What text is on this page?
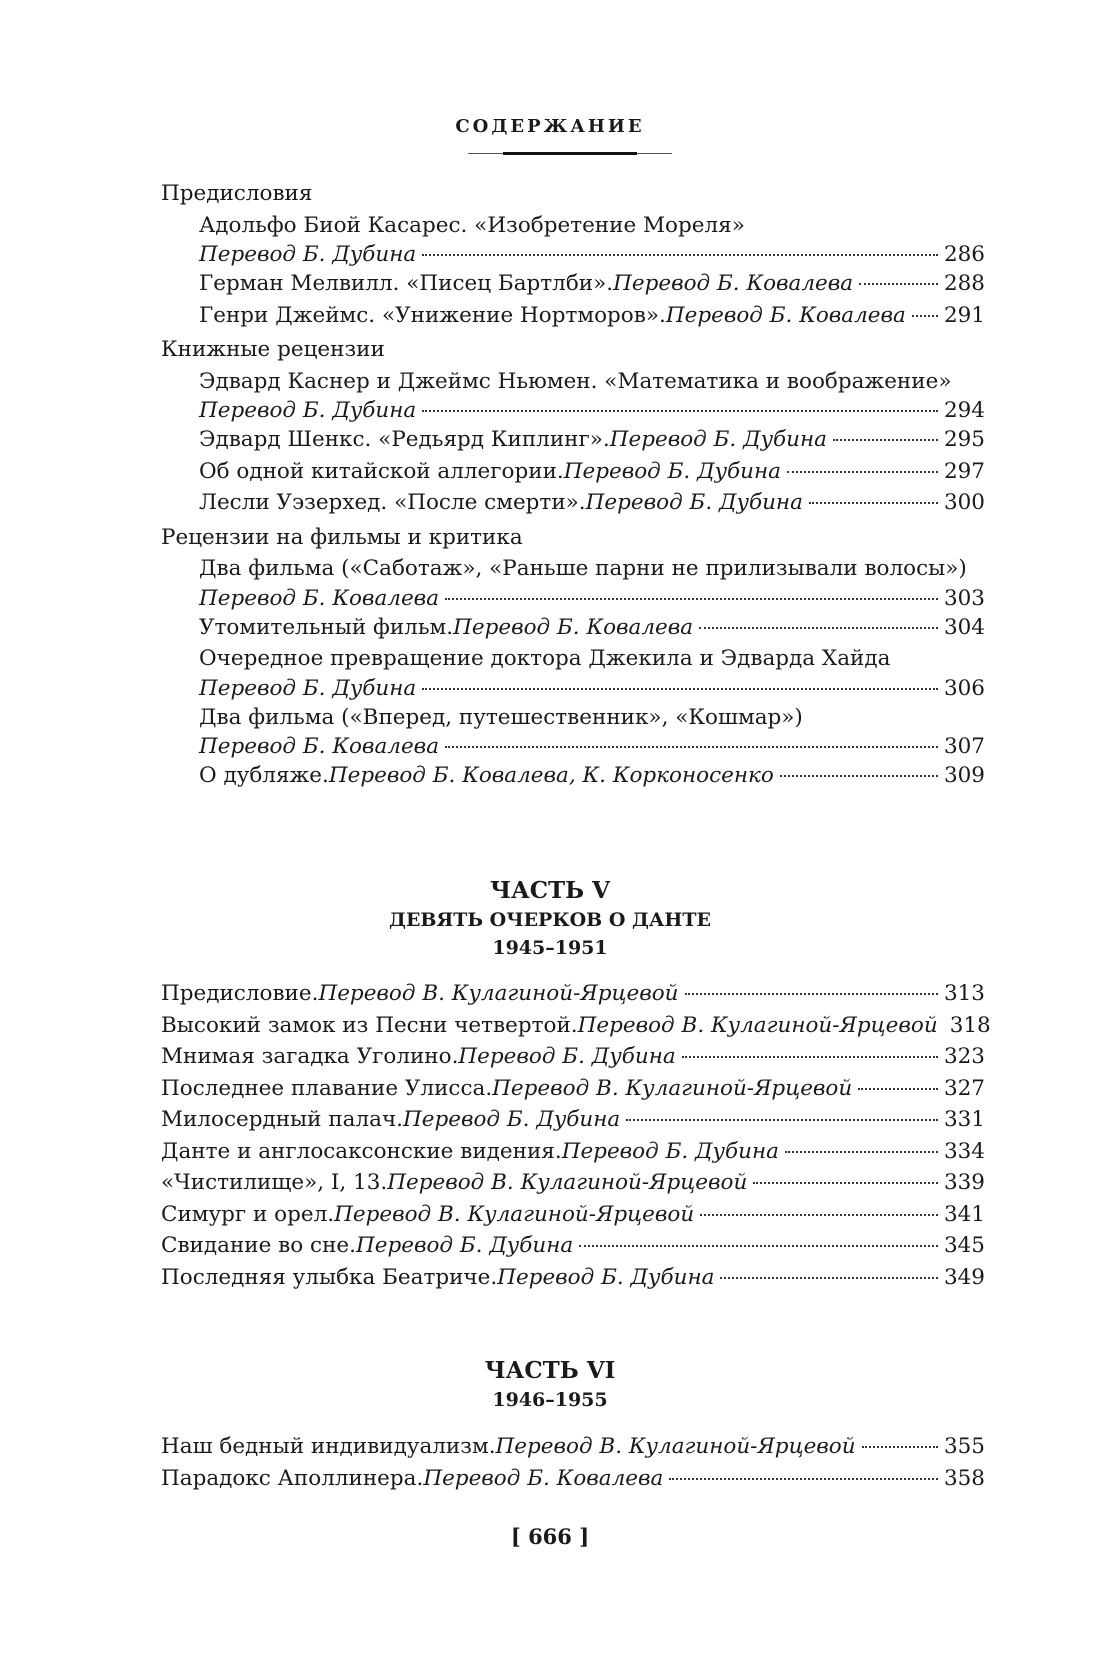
СОДЕРЖАНИЕ
Предисловия
Адольфо Биой Касарес. «Изобретение Мореля»
Перевод Б. Дубина	286
Герман Мелвилл. «Писец Бартлби». Перевод Б. Ковалева	288
Генри Джеймс. «Унижение Нортморов». Перевод Б. Ковалева 291
Книжные рецензии
Эдвард Каснер и Джеймс Ньюмен. «Математика и воображение»
Перевод Б. Дубина	294
Эдвард Шенкс. «Редьярд Киплинг». Перевод Б. Дубина	295
Об одной китайской аллегории. Перевод Б. Дубина	297
Лесли Уэзерхед. «После смерти». Перевод Б. Дубина	300
Рецензии на фильмы и критика
Два фильма («Саботаж», «Раньше парни не прилизывали волосы»)
Перевод Б. Ковалева	303
Утомительный фильм. Перевод Б. Ковалева	304
Очередное превращение доктора Джекила и Эдварда Хайда
Перевод Б. Дубина	306
Два фильма («Вперед, путешественник», «Кошмар»)
Перевод Б. Ковалева	307
О дубляже. Перевод Б. Ковалева, К. Корконосенко	309
ЧАСТЬ V
ДЕВЯТЬ ОЧЕРКОВ О ДАНТЕ
1945–1951
Предисловие. Перевод В. Кулагиной-Ярцевой	313
Высокий замок из Песни четвертой. Перевод В. Кулагиной-Ярцевой 318
Мнимая загадка Уголино. Перевод Б. Дубина	323
Последнее плавание Улисса. Перевод В. Кулагиной-Ярцевой	327
Милосердный палач. Перевод Б. Дубина	331
Данте и англосаксонские видения. Перевод Б. Дубина	334
«Чистилище», I, 13. Перевод В. Кулагиной-Ярцевой	339
Симург и орел. Перевод В. Кулагиной-Ярцевой	341
Свидание во сне. Перевод Б. Дубина	345
Последняя улыбка Беатриче. Перевод Б. Дубина	349
ЧАСТЬ VI
1946–1955
Наш бедный индивидуализм. Перевод В. Кулагиной-Ярцевой	355
Парадокс Аполлинера. Перевод Б. Ковалева	358
[ 666 ]
